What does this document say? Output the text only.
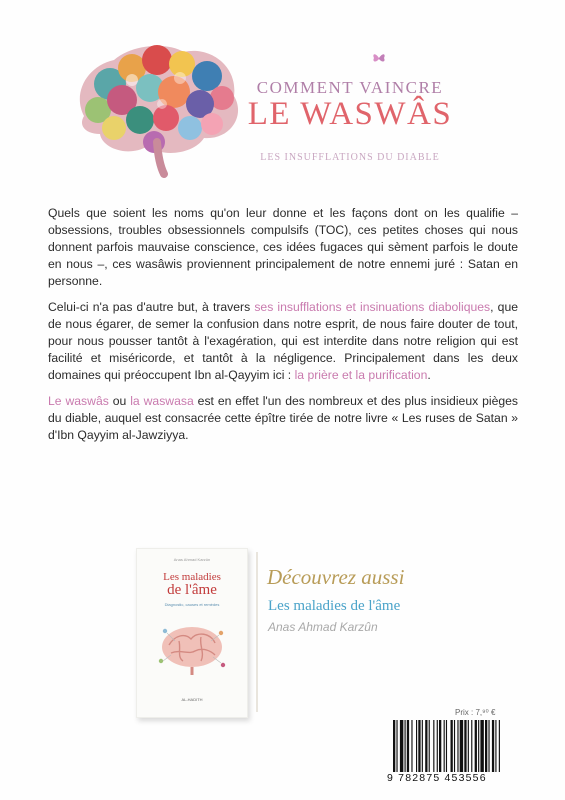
COMMENT VAINCRE
LE WASWÂS
LES INSUFFLATIONS DU DIABLE

Quels que soient les noms qu'on leur donne et les façons dont on les qualifie – obsessions, troubles obsessionnels compulsifs (TOC), ces petites choses qui nous donnent parfois mauvaise conscience, ces idées fugaces qui sèment parfois le doute en nous –, ces wasâwis proviennent principalement de notre ennemi juré : Satan en personne.

Celui-ci n'a pas d'autre but, à travers ses insufflations et insinuations diaboliques, que de nous égarer, de semer la confusion dans notre esprit, de nous faire douter de tout, pour nous pousser tantôt à l'exagération, qui est interdite dans notre religion qui est facilité et miséricorde, et tantôt à la négligence. Principalement dans les deux domaines qui préoccupent Ibn al-Qayyim ici : la prière et la purification.

Le waswâs ou la waswasa est en effet l'un des nombreux et des plus insidieux pièges du diable, auquel est consacrée cette épître tirée de notre livre « Les ruses de Satan » d'Ibn Qayyim al-Jawziyya.

Anas Ahmad Karzûn
Les maladies
de l'âme
Diagnostic, causes et remèdes
AL-HADITH
Découvrez aussi
Les maladies de l'âme
Anas Ahmad Karzûn
Prix : 7,⁹⁰ €
9 782875 453556
